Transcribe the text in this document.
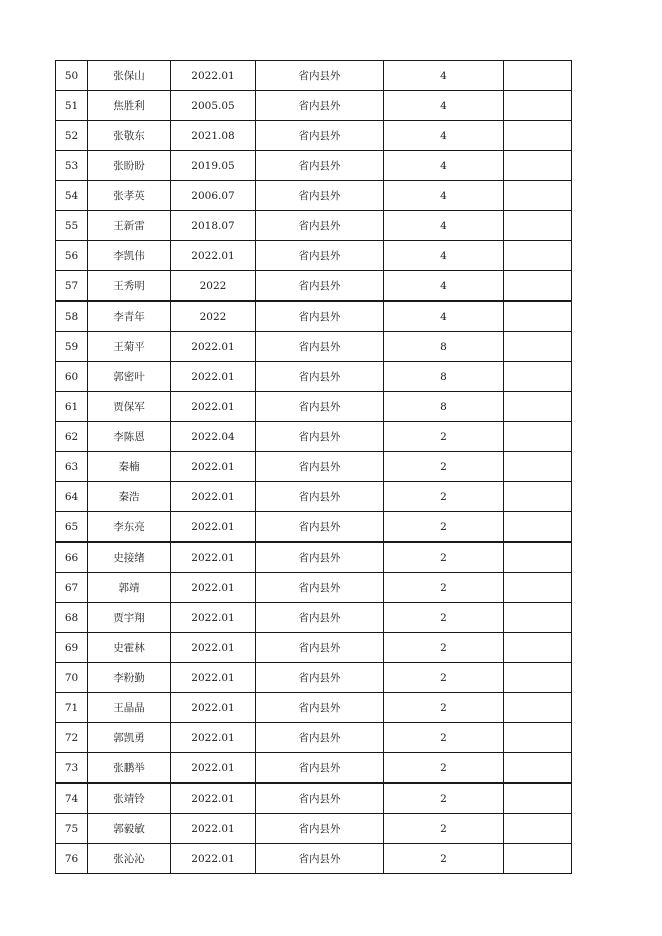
50	张保山	2022.01	省内县外	4	
51	焦胜利	2005.05	省内县外	4	
52	张敬东	2021.08	省内县外	4	
53	张盼盼	2019.05	省内县外	4	
54	张孝英	2006.07	省内县外	4	
55	王新雷	2018.07	省内县外	4	
56	李凯伟	2022.01	省内县外	4	
57	王秀明	2022	省内县外	4	
58	李青年	2022	省内县外	4	
59	王菊平	2022.01	省内县外	8	
60	郭密叶	2022.01	省内县外	8	
61	贾保军	2022.01	省内县外	8	
62	李陈恩	2022.04	省内县外	2	
63	秦楠	2022.01	省内县外	2	
64	秦浩	2022.01	省内县外	2	
65	李东亮	2022.01	省内县外	2	
66	史接绪	2022.01	省内县外	2	
67	郭靖	2022.01	省内县外	2	
68	贾宇翔	2022.01	省内县外	2	
69	史霍林	2022.01	省内县外	2	
70	李粉勤	2022.01	省内县外	2	
71	王晶晶	2022.01	省内县外	2	
72	郭凯勇	2022.01	省内县外	2	
73	张鹏举	2022.01	省内县外	2	
74	张靖铃	2022.01	省内县外	2	
75	郭毅敏	2022.01	省内县外	2	
76	张沁沁	2022.01	省内县外	2	
